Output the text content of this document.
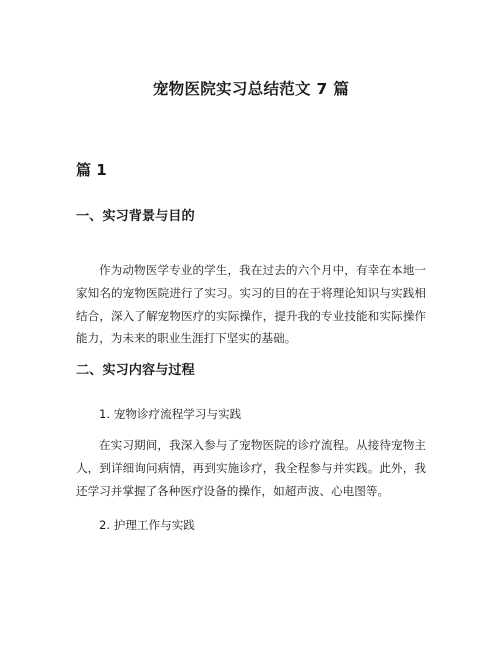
宠物医院实习总结范文 7 篇
篇 1
一、实习背景与目的

作为动物医学专业的学生，我在过去的六个月中，有幸在本地一家知名的宠物医院进行了实习。实习的目的在于将理论知识与实践相结合，深入了解宠物医疗的实际操作，提升我的专业技能和实际操作能力，为未来的职业生涯打下坚实的基础。

二、实习内容与过程

1. 宠物诊疗流程学习与实践

在实习期间，我深入参与了宠物医院的诊疗流程。从接待宠物主人，到详细询问病情，再到实施诊疗，我全程参与并实践。此外，我还学习并掌握了各种医疗设备的操作，如超声波、心电图等。

2. 护理工作与实践
